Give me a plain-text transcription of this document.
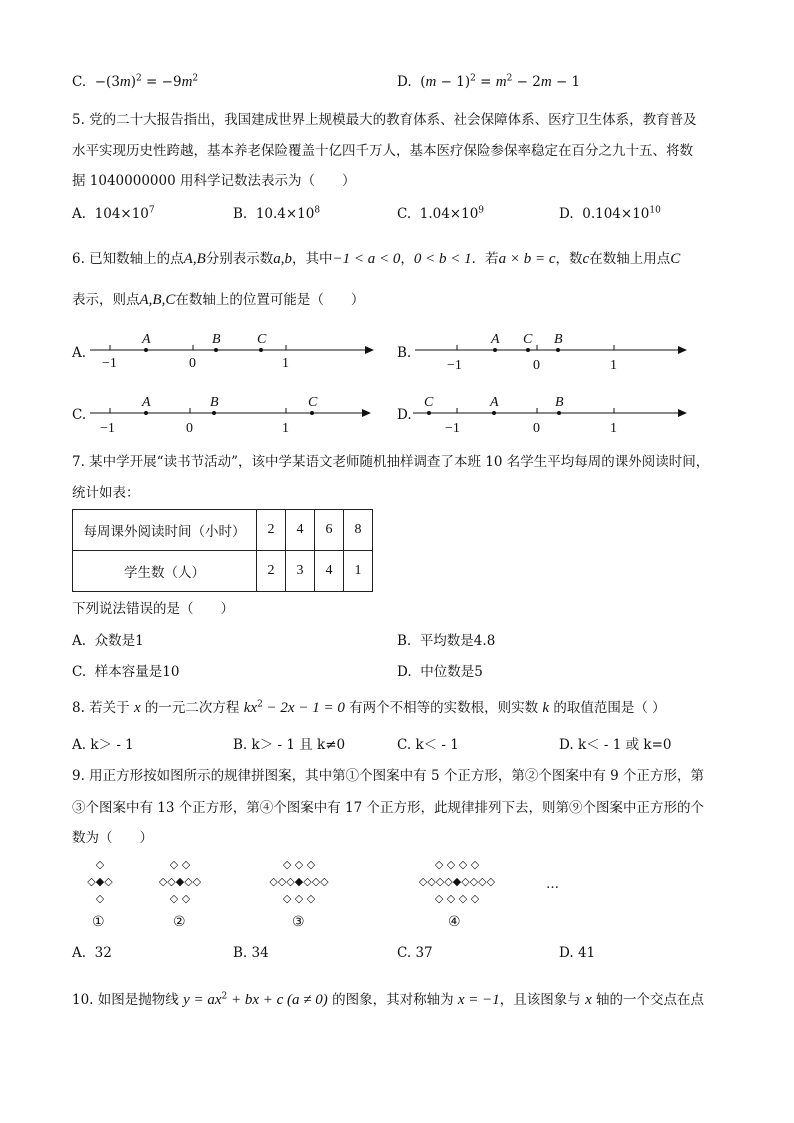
C. $-(3m)^2 = -9m^2$	D. $(m - 1)^2 = m^2 - 2m - 1$
5. 党的二十大报告指出，我国建成世界上规模最大的教育体系、社会保障体系、医疗卫生体系，教育普及
水平实现历史性跨越，基本养老保险覆盖十亿四千万人，基本医疗保险参保率稳定在百分之九十五、将数
据 1040000000 用科学记数法表示为（　　）
A. $104\times 10^7$	B. $10.4\times 10^8$	C. $1.04\times 10^9$	D. $0.104\times 10^{10}$
6. 已知数轴上的点A,B分别表示数a,b，其中−1 < a < 0，0 < b < 1．若a × b = c，数c在数轴上用点C
表示，则点A,B,C在数轴上的位置可能是（　　）
A.
−1	0	1
A	B	C
B.
−1	0	1
A C B
C.
−1	0	1
A	B	C
D.
−1	0	1
C	A	B
7. 某中学开展“读书节活动”，该中学某语文老师随机抽样调查了本班 10 名学生平均每周的课外阅读时间，
统计如表：
每周课外阅读时间（小时）	2	4	6	8
学生数（人）	2	3	4	1
下列说法错误的是（　　）
A. 众数是1	B. 平均数是4.8
C. 样本容量是10	D. 中位数是5
8. 若关于 x 的一元二次方程 $kx^2 - 2x - 1 = 0$ 有两个不相等的实数根，则实数 k 的取值范围是（ ）
A. k＞ - 1	B. k＞ - 1 且 k≠0	C. k＜ - 1	D. k＜ - 1 或 k=0
9. 用正方形按如图所示的规律拼图案，其中第①个图案中有 5 个正方形，第②个图案中有 9 个正方形，第
③个图案中有 13 个正方形，第④个图案中有 17 个正方形，此规律排列下去，则第⑨个图案中正方形的个
数为（　　）
◇
◇◆◇
◇
◇ ◇
◇◇◆◇◇
◇ ◇
◇ ◇ ◇
◇◇◇◆◇◇◇
◇ ◇ ◇
◇ ◇ ◇ ◇
◇◇◇◇◆◇◇◇◇
◇ ◇ ◇ ◇
…
①	②	③	④
A. 32	B. 34	C. 37	D. 41
10. 如图是抛物线 $y = ax^2$ + bx + c (a ≠ 0) 的图象，其对称轴为 x = −1，且该图象与 x 轴的一个交点在点
